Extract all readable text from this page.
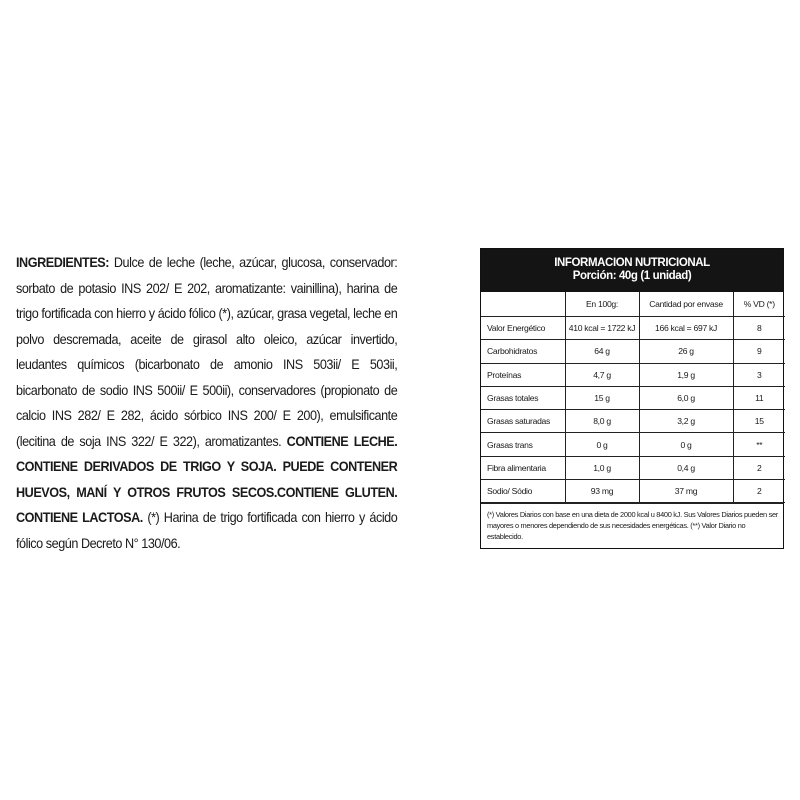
INGREDIENTES: Dulce de leche (leche, azúcar, glucosa, conservador: sorbato de potasio INS 202/ E 202, aromatizante: vainillina), harina de trigo fortificada con hierro y ácido fólico (*), azúcar, grasa vegetal, leche en polvo descremada, aceite de girasol alto oleico, azúcar invertido, leudantes químicos (bicarbonato de amonio INS 503ii/ E 503ii, bicarbonato de sodio INS 500ii/ E 500ii), conservadores (propionato de calcio INS 282/ E 282, ácido sórbico INS 200/ E 200), emulsificante (lecitina de soja INS 322/ E 322), aromatizantes. CONTIENE LECHE. CONTIENE DERIVADOS DE TRIGO Y SOJA. PUEDE CONTENER HUEVOS, MANÍ Y OTROS FRUTOS SECOS.CONTIENE GLUTEN. CONTIENE LACTOSA. (*) Harina de trigo fortificada con hierro y ácido fólico según Decreto N° 130/06.
INFORMACION NUTRICIONAL
Porción: 40g (1 unidad)
	En 100g:	Cantidad por envase	% VD (*)
Valor Energético	410 kcal = 1722 kJ	166 kcal = 697 kJ	8
Carbohidratos	64 g	26 g	9
Proteínas	4,7 g	1,9 g	3
Grasas totales	15 g	6,0 g	11
Grasas saturadas	8,0 g	3,2 g	15
Grasas trans	0 g	0 g	**
Fibra alimentaria	1,0 g	0,4 g	2
Sodio/ Sódio	93 mg	37 mg	2
(*) Valores Diarios con base en una dieta de 2000 kcal u 8400 kJ. Sus Valores Diarios pueden ser mayores o menores dependiendo de sus necesidades energéticas. (**) Valor Diario no establecido.
